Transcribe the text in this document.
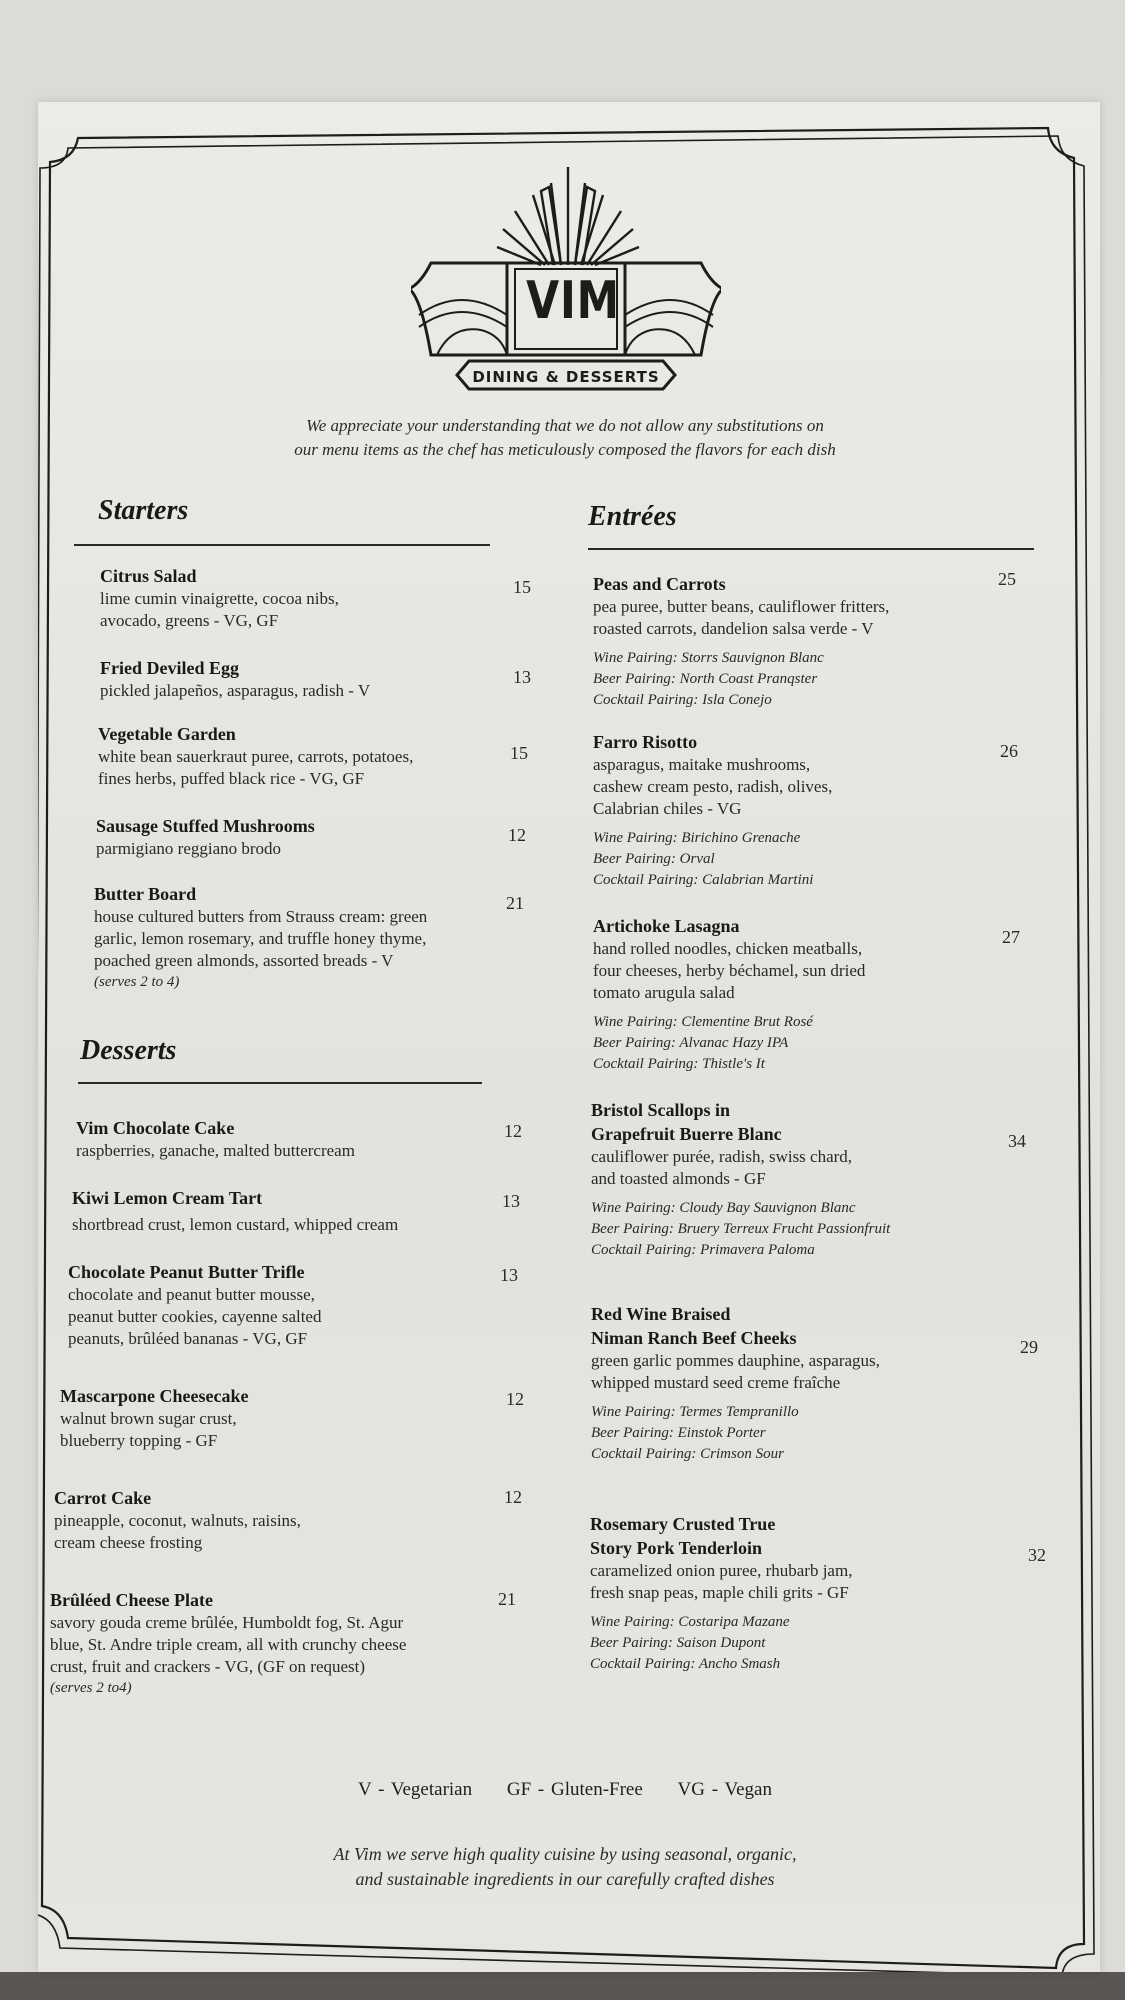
VIM
DINING & DESSERTS
We appreciate your understanding that we do not allow any substitutions on
our menu items as the chef has meticulously composed the flavors for each dish
Starters

Citrus Salad

lime cumin vinaigrette, cocoa nibs,

avocado, greens - VG, GF

15

Fried Deviled Egg

pickled jalapeños, asparagus, radish - V

13

Vegetable Garden

white bean sauerkraut puree, carrots, potatoes,

fines herbs, puffed black rice - VG, GF

15

Sausage Stuffed Mushrooms

parmigiano reggiano brodo

12

Butter Board

house cultured butters from Strauss cream: green

garlic, lemon rosemary, and truffle honey thyme,

poached green almonds, assorted breads - V

(serves 2 to 4)

21
Desserts

Vim Chocolate Cake

raspberries, ganache, malted buttercream

12

Kiwi Lemon Cream Tart

shortbread crust, lemon custard, whipped cream

13

Chocolate Peanut Butter Trifle

chocolate and peanut butter mousse,

peanut butter cookies, cayenne salted

peanuts, brûléed bananas - VG, GF

13

Mascarpone Cheesecake

walnut brown sugar crust,

blueberry topping - GF

12

Carrot Cake

pineapple, coconut, walnuts, raisins,

cream cheese frosting

12

Brûléed Cheese Plate

savory gouda creme brûlée, Humboldt fog, St. Agur

blue, St. Andre triple cream, all with crunchy cheese

crust, fruit and crackers - VG, (GF on request)

(serves 2 to4)

21
Entrées

Peas and Carrots

pea puree, butter beans, cauliflower fritters,

roasted carrots, dandelion salsa verde - V

Wine Pairing: Storrs Sauvignon Blanc

Beer Pairing: North Coast Pranqster

Cocktail Pairing: Isla Conejo

25

Farro Risotto

asparagus, maitake mushrooms,

cashew cream pesto, radish, olives,

Calabrian chiles - VG

Wine Pairing: Birichino Grenache

Beer Pairing: Orval

Cocktail Pairing: Calabrian Martini

26

Artichoke Lasagna

hand rolled noodles, chicken meatballs,

four cheeses, herby béchamel, sun dried

tomato arugula salad

Wine Pairing: Clementine Brut Rosé

Beer Pairing: Alvanac Hazy IPA

Cocktail Pairing: Thistle's It

27

Bristol Scallops in

Grapefruit Buerre Blanc

cauliflower purée, radish, swiss chard,

and toasted almonds - GF

Wine Pairing: Cloudy Bay Sauvignon Blanc

Beer Pairing: Bruery Terreux Frucht Passionfruit

Cocktail Pairing: Primavera Paloma

34

Red Wine Braised

Niman Ranch Beef Cheeks

green garlic pommes dauphine, asparagus,

whipped mustard seed creme fraîche

Wine Pairing: Termes Tempranillo

Beer Pairing: Einstok Porter

Cocktail Pairing: Crimson Sour

29

Rosemary Crusted True

Story Pork Tenderloin

caramelized onion puree, rhubarb jam,

fresh snap peas, maple chili grits - GF

Wine Pairing: Costaripa Mazane

Beer Pairing: Saison Dupont

Cocktail Pairing: Ancho Smash

32
V - Vegetarian GF - Gluten-Free VG - Vegan
At Vim we serve high quality cuisine by using seasonal, organic,
and sustainable ingredients in our carefully crafted dishes
